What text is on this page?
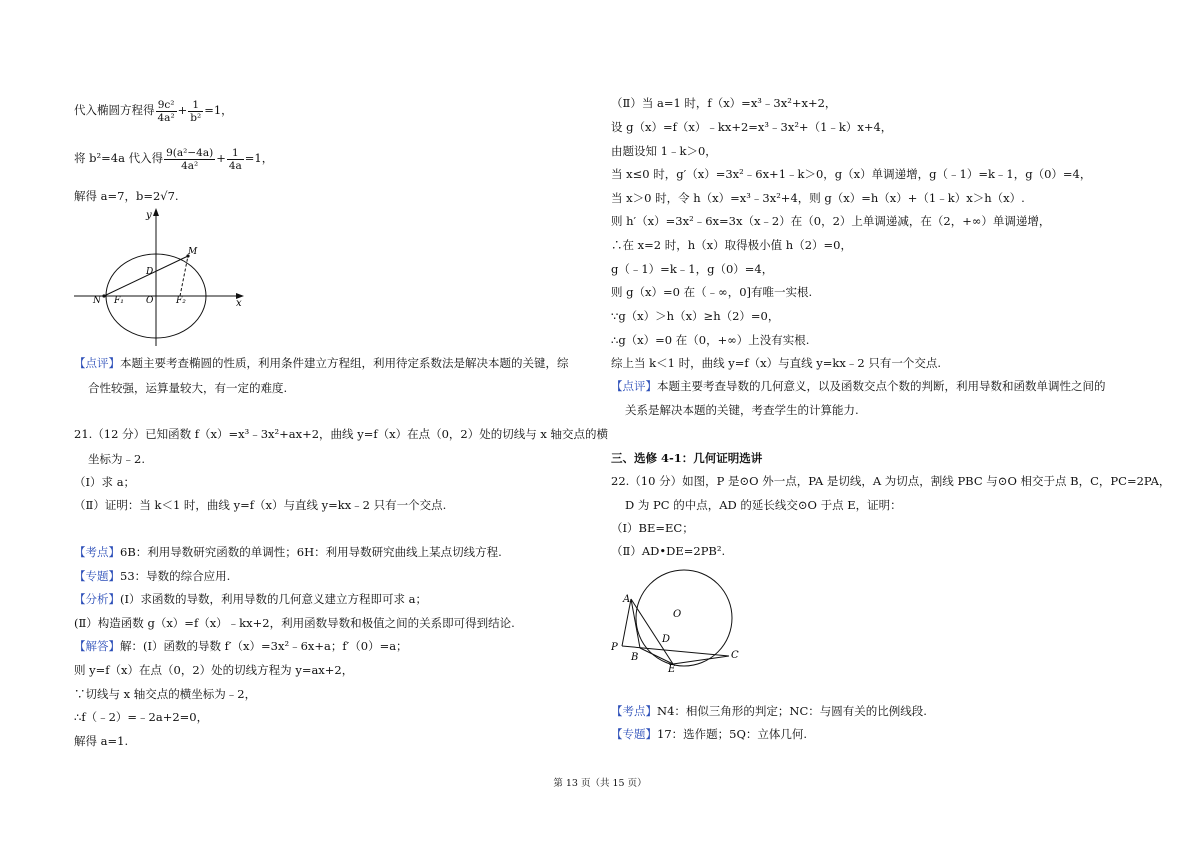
代入椭圆方程得 $\frac{\text{9c²}}{\text{4a²}} + \frac{1}{\text{b²}} =1$，
将 b²=4a 代入得 $\frac{\text{9(a²−4a)}}{\text{4a²}} + \frac{1}{4a} =1$，
解得 a=7，b=2√7.
y
x
M
D
N F₁ O	F₂
【点评】本题主要考查椭圆的性质，利用条件建立方程组，利用待定系数法是解决本题的关键，综
合性较强，运算量较大，有一定的难度.
21.（12 分）已知函数 f（x）=x³﹣3x²+ax+2，曲线 y=f（x）在点（0，2）处的切线与 x 轴交点的横
坐标为﹣2.
（Ⅰ）求 a；
（Ⅱ）证明：当 k＜1 时，曲线 y=f（x）与直线 y=kx﹣2 只有一个交点.
【考点】6B：利用导数研究函数的单调性；6H：利用导数研究曲线上某点切线方程.
【专题】53：导数的综合应用.
【分析】(Ⅰ）求函数的导数，利用导数的几何意义建立方程即可求 a；
(Ⅱ）构造函数 g（x）=f（x）﹣kx+2，利用函数导数和极值之间的关系即可得到结论.
【解答】解：(Ⅰ）函数的导数 f′（x）=3x²﹣6x+a；f′（0）=a；
则 y=f（x）在点（0，2）处的切线方程为 y=ax+2，
∵切线与 x 轴交点的横坐标为﹣2，
∴f（﹣2）=﹣2a+2=0，
解得 a=1.
（Ⅱ）当 a=1 时，f（x）=x³﹣3x²+x+2，
设 g（x）=f（x）﹣kx+2=x³﹣3x²+（1﹣k）x+4，
由题设知 1﹣k＞0，
当 x≤0 时，g′（x）=3x²﹣6x+1﹣k＞0，g（x）单调递增，g（﹣1）=k﹣1，g（0）=4，
当 x＞0 时，令 h（x）=x³﹣3x²+4，则 g（x）=h（x）+（1﹣k）x＞h（x）.
则 h′（x）=3x²﹣6x=3x（x﹣2）在（0，2）上单调递减，在（2，+∞）单调递增，
∴在 x=2 时，h（x）取得极小值 h（2）=0，
g（﹣1）=k﹣1，g（0）=4，
则 g（x）=0 在（﹣∞，0]有唯一实根.
∵g（x）＞h（x）≥h（2）=0，
∴g（x）=0 在（0，+∞）上没有实根.
综上当 k＜1 时，曲线 y=f（x）与直线 y=kx﹣2 只有一个交点.
【点评】本题主要考查导数的几何意义，以及函数交点个数的判断，利用导数和函数单调性之间的
关系是解决本题的关键，考查学生的计算能力.
三、选修 4-1：几何证明选讲
22.（10 分）如图，P 是⊙O 外一点，PA 是切线，A 为切点，割线 PBC 与⊙O 相交于点 B，C，PC=2PA，
D 为 PC 的中点，AD 的延长线交⊙O 于点 E，证明：
（Ⅰ）BE=EC；
（Ⅱ）AD•DE=2PB².
A
O
D
P
B
E
C
【考点】N4：相似三角形的判定；NC：与圆有关的比例线段.
【专题】17：选作题；5Q：立体几何.
第 13 页（共 15 页）
